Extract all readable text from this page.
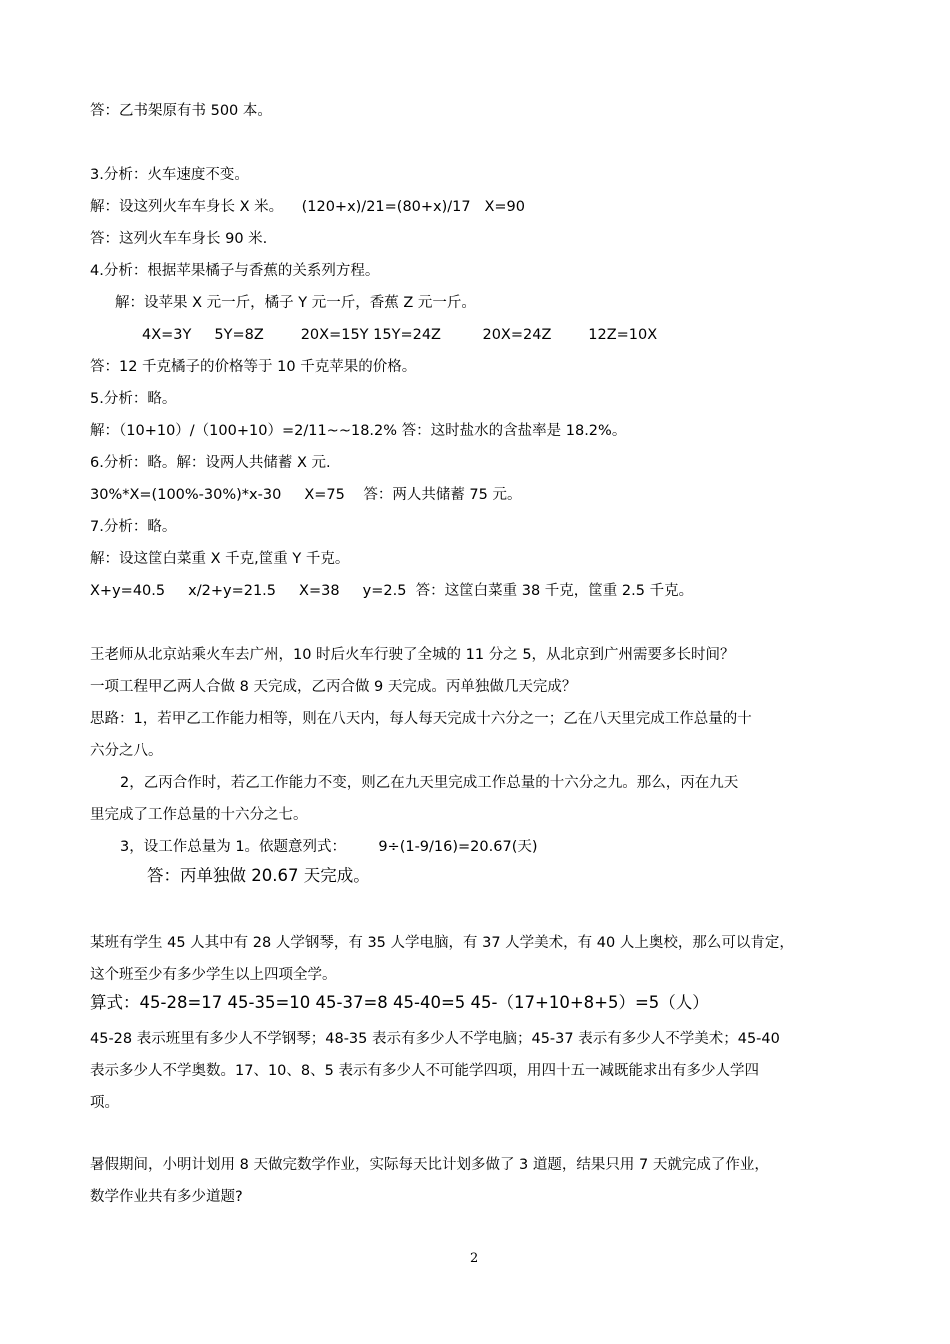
答：乙书架原有书 500 本。

3.分析：火车速度不变。

解：设这列火车车身长 X 米。    (120+x)/21=(80+x)/17   X=90

答：这列火车车身长 90 米.

4.分析：根据苹果橘子与香蕉的关系列方程。

解：设苹果 X 元一斤，橘子 Y 元一斤，香蕉 Z 元一斤。

4X=3Y     5Y=8Z        20X=15Y 15Y=24Z         20X=24Z        12Z=10X

答：12 千克橘子的价格等于 10 千克苹果的价格。

5.分析：略。

解：（10+10）/（100+10）=2/11~~18.2% 答：这时盐水的含盐率是 18.2%。

6.分析：略。解：设两人共储蓄 X 元.

30%*X=(100%-30%)*x-30     X=75    答：两人共储蓄 75 元。

7.分析：略。

解：设这筐白菜重 X 千克,筐重 Y 千克。

X+y=40.5     x/2+y=21.5     X=38     y=2.5  答：这筐白菜重 38 千克，筐重 2.5 千克。

王老师从北京站乘火车去广州，10 时后火车行驶了全城的 11 分之 5，从北京到广州需要多长时间？

一项工程甲乙两人合做 8 天完成，乙丙合做 9 天完成。丙单独做几天完成？

思路：1，若甲乙工作能力相等，则在八天内，每人每天完成十六分之一；乙在八天里完成工作总量的十

六分之八。

2，乙丙合作时，若乙工作能力不变，则乙在九天里完成工作总量的十六分之九。那么，丙在九天

里完成了工作总量的十六分之七。

3，设工作总量为 1。依题意列式：       9÷(1-9/16)=20.67(天)

答：丙单独做 20.67 天完成。

某班有学生 45 人其中有 28 人学钢琴，有 35 人学电脑，有 37 人学美术，有 40 人上奥校，那么可以肯定，

这个班至少有多少学生以上四项全学。

算式：45-28=17 45-35=10 45-37=8 45-40=5 45-（17+10+8+5）=5（人）

45-28 表示班里有多少人不学钢琴；48-35 表示有多少人不学电脑；45-37 表示有多少人不学美术；45-40

表示多少人不学奥数。17、10、8、5 表示有多少人不可能学四项，用四十五一减既能求出有多少人学四

项。

暑假期间，小明计划用 8 天做完数学作业，实际每天比计划多做了 3 道题，结果只用 7 天就完成了作业，

数学作业共有多少道题?

2
